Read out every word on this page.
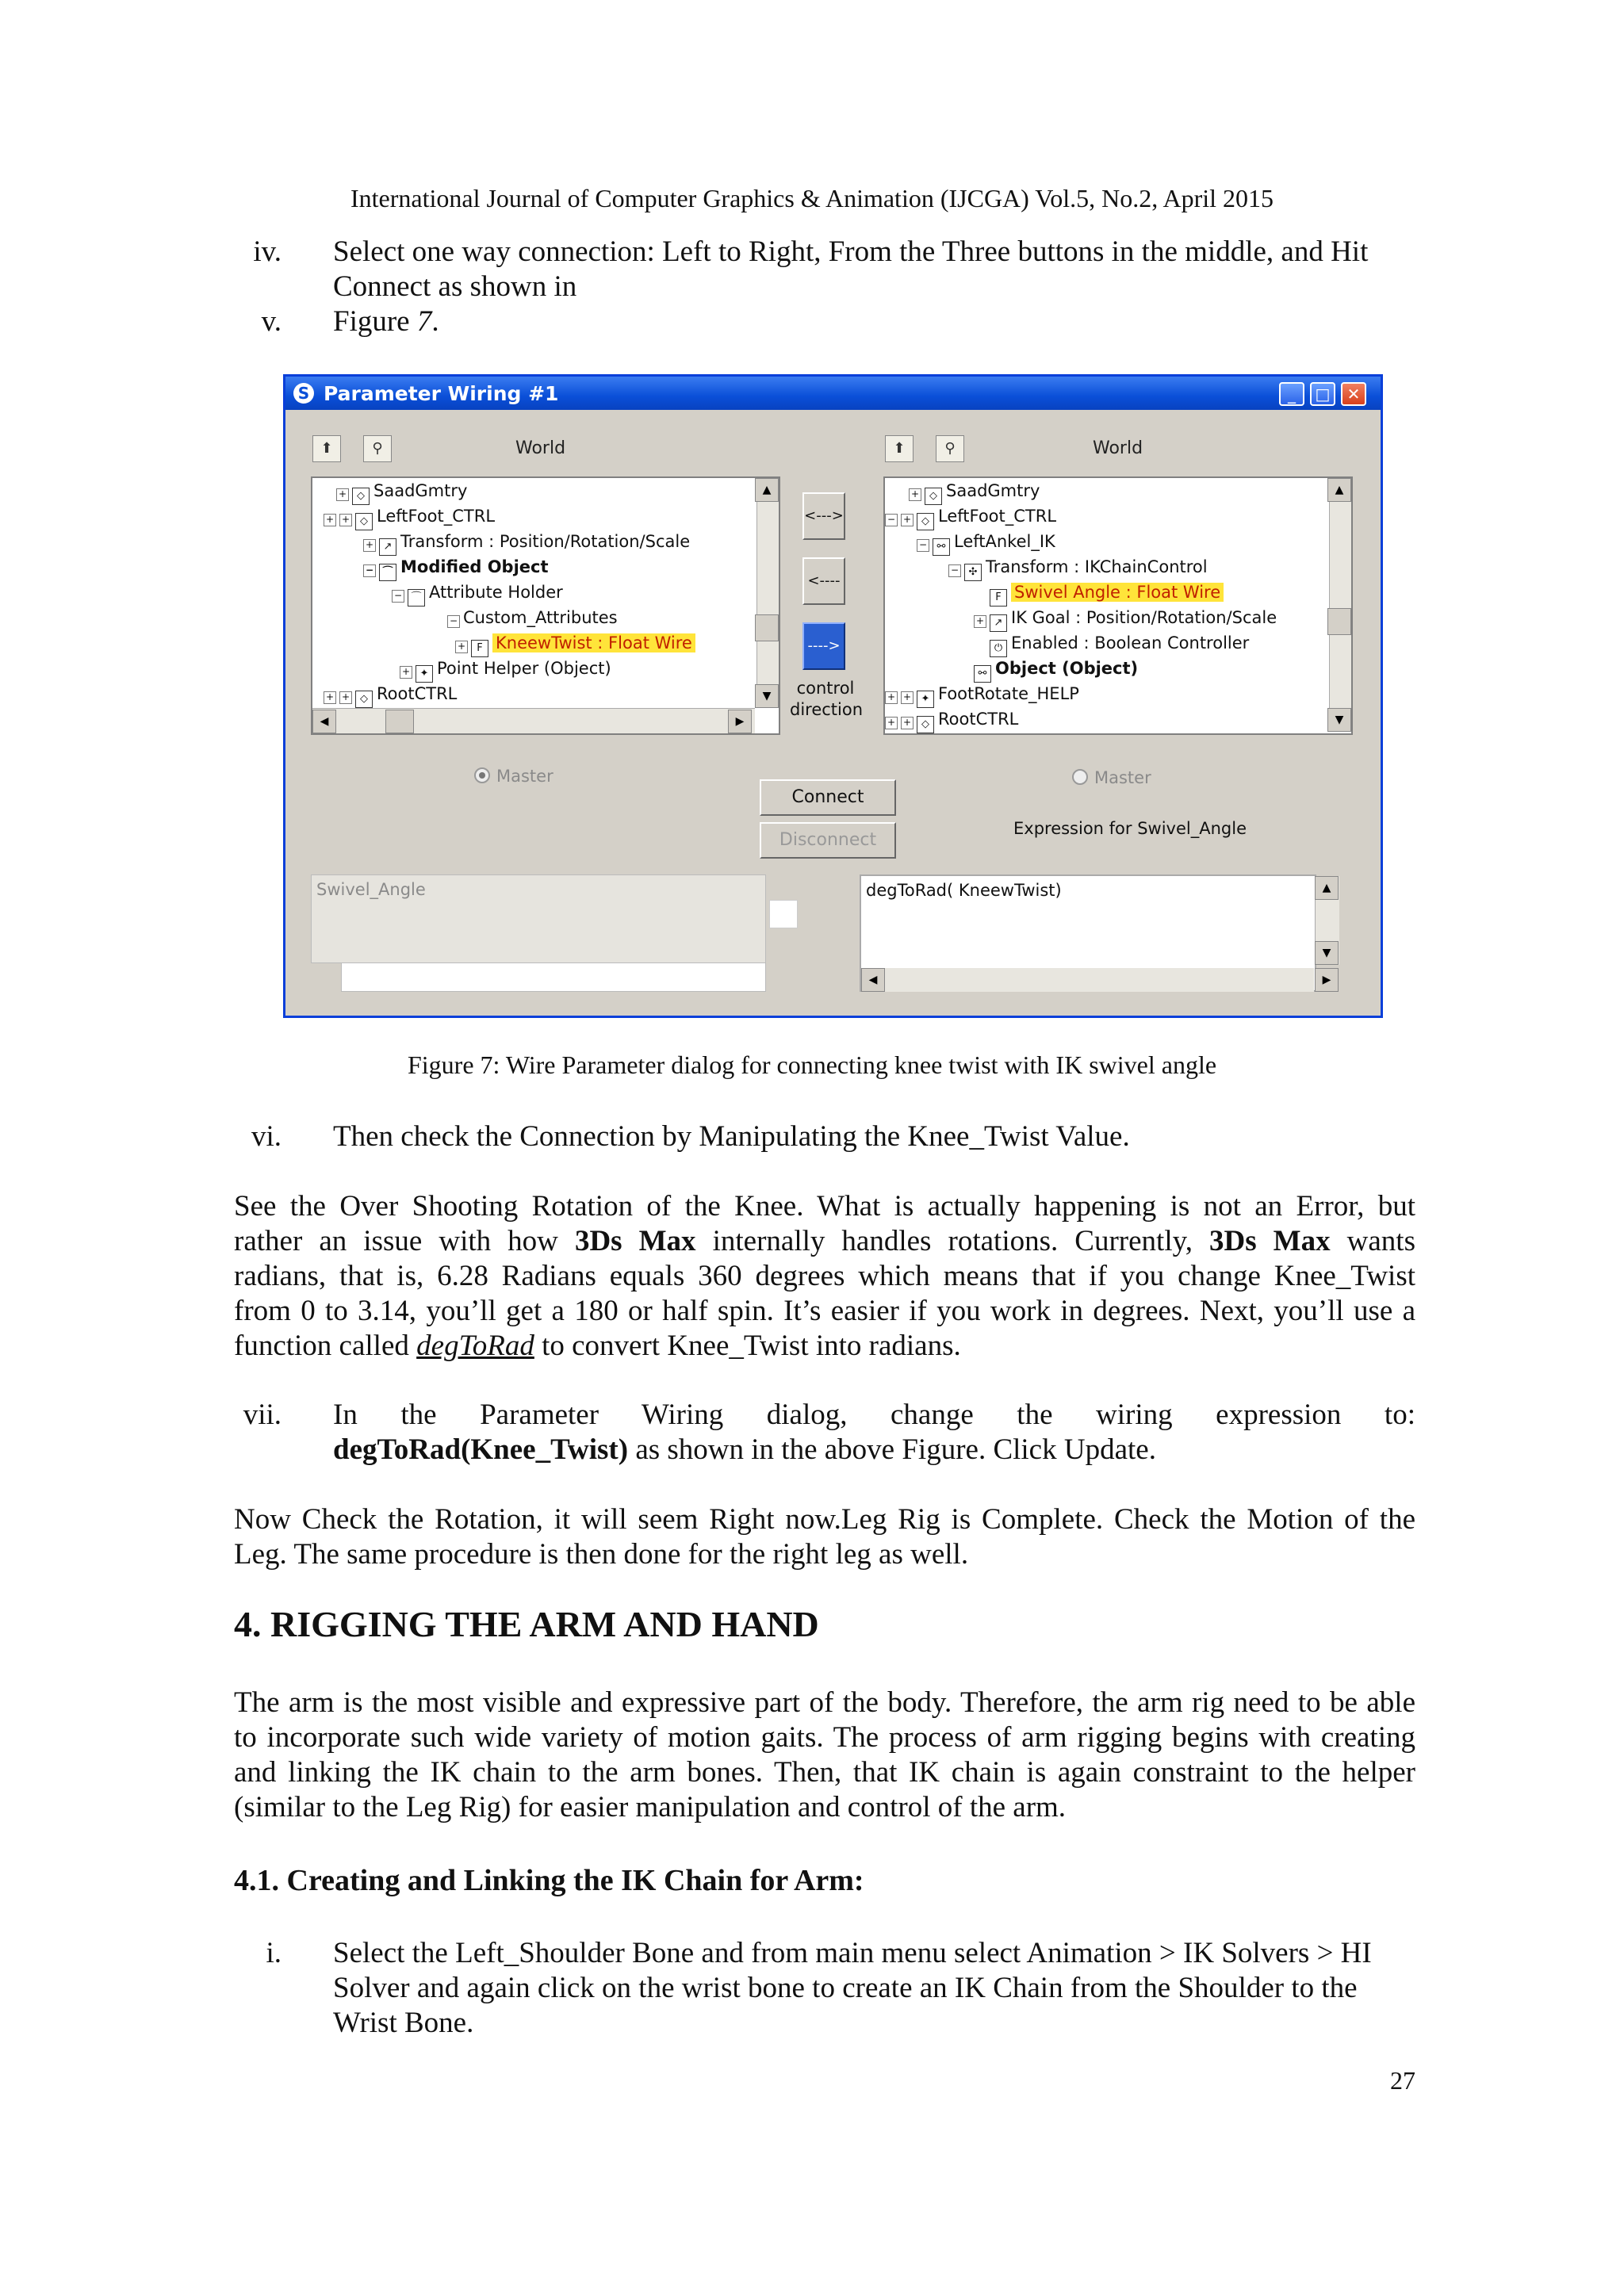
International Journal of Computer Graphics & Animation (IJCGA) Vol.5, No.2, April 2015
iv. Select one way connection: Left to Right, From the Three buttons in the middle, and Hit
Connect as shown in
v. Figure 7.
S Parameter Wiring #1	_	□	✕
⬆	⚲	World
+ ◇ SaadGmtry
+ + ◇ LeftFoot_CTRL
+ ↗ Transform : Position/Rotation/Scale
− ⌒ Modified Object
− ⌒ Attribute Holder
− Custom_Attributes
+ F KneewTwist : Float Wire
+ ✦ Point Helper (Object)
+ + ◇ RootCTRL
▲
▼
◀	▶
<--->
<----
---->
control
direction
⬆	⚲	World
+ ◇ SaadGmtry
− + ◇ LeftFoot_CTRL
− ⚯ LeftAnkel_IK
− ✣ Transform : IKChainControl
F Swivel Angle : Float Wire
+ ↗ IK Goal : Position/Rotation/Scale
⏻ Enabled : Boolean Controller
⚯ Object (Object)
+ + ✦ FootRotate_HELP
+ + ◇ RootCTRL
▲
▼
Master	Master
Connect
Disconnect
Expression for Swivel_Angle
Swivel_Angle	degToRad( KneewTwist)	▲
▼
◀	▶
Figure 7: Wire Parameter dialog for connecting knee twist with IK swivel angle
vi. Then check the Connection by Manipulating the Knee_Twist Value.
See the Over Shooting Rotation of the Knee. What is actually happening is not an Error, but
rather an issue with how 3Ds Max internally handles rotations. Currently, 3Ds Max wants
radians, that is, 6.28 Radians equals 360 degrees which means that if you change Knee_Twist
from 0 to 3.14, you’ll get a 180 or half spin. It’s easier if you work in degrees. Next, you’ll use a
function called degToRad to convert Knee_Twist into radians.
vii. In the Parameter Wiring dialog, change the wiring expression to:
degToRad(Knee_Twist) as shown in the above Figure. Click Update.
Now Check the Rotation, it will seem Right now.Leg Rig is Complete. Check the Motion of the
Leg. The same procedure is then done for the right leg as well.
4. RIGGING THE ARM AND HAND
The arm is the most visible and expressive part of the body. Therefore, the arm rig need to be able
to incorporate such wide variety of motion gaits. The process of arm rigging begins with creating
and linking the IK chain to the arm bones. Then, that IK chain is again constraint to the helper
(similar to the Leg Rig) for easier manipulation and control of the arm.
4.1. Creating and Linking the IK Chain for Arm:
i. Select the Left_Shoulder Bone and from main menu select Animation > IK Solvers > HI
Solver and again click on the wrist bone to create an IK Chain from the Shoulder to the
Wrist Bone.
27
